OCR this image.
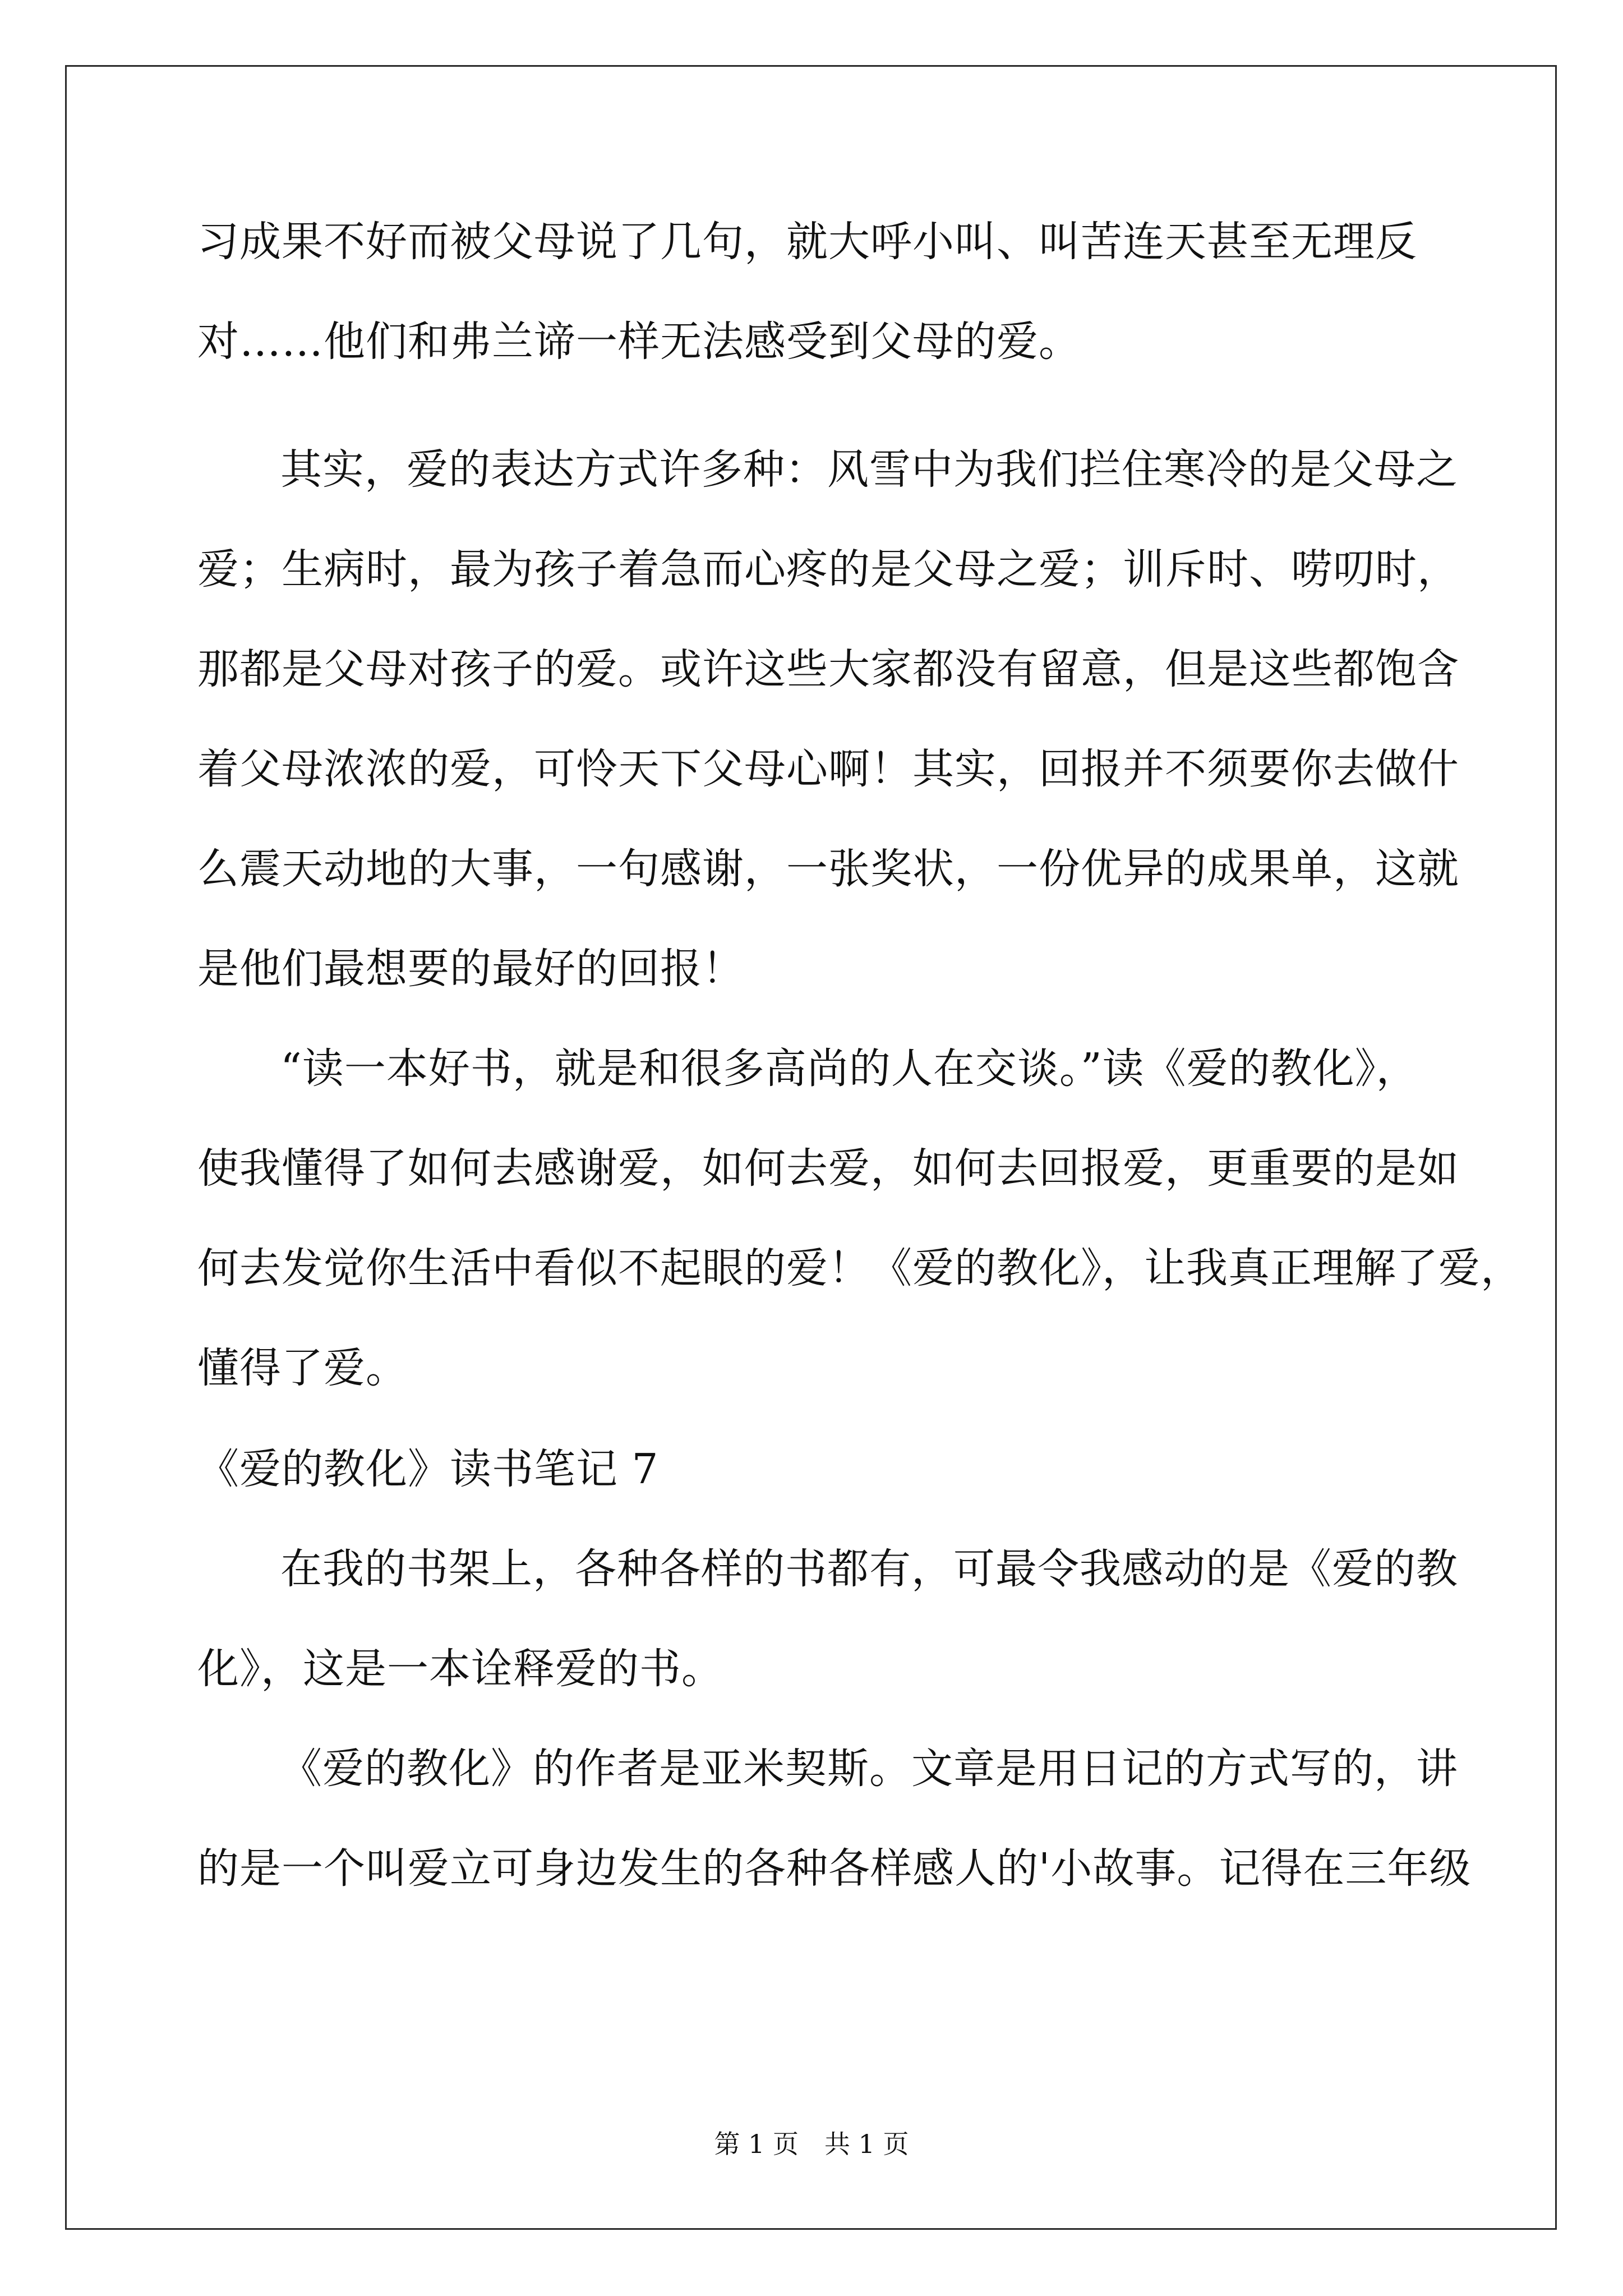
习成果不好而被父母说了几句，就大呼小叫、叫苦连天甚至无理反
对……他们和弗兰谛一样无法感受到父母的爱。
其实，爱的表达方式许多种：风雪中为我们拦住寒冷的是父母之
爱；生病时，最为孩子着急而心疼的是父母之爱；训斥时、唠叨时，
那都是父母对孩子的爱。或许这些大家都没有留意，但是这些都饱含
着父母浓浓的爱，可怜天下父母心啊！其实，回报并不须要你去做什
么震天动地的大事，一句感谢，一张奖状，一份优异的成果单，这就
是他们最想要的最好的回报！
“读一本好书，就是和很多高尚的人在交谈。”读《爱的教化》，
使我懂得了如何去感谢爱，如何去爱，如何去回报爱，更重要的是如
何去发觉你生活中看似不起眼的爱！《爱的教化》，让我真正理解了爱，
懂得了爱。
《爱的教化》读书笔记 7
在我的书架上，各种各样的书都有，可最令我感动的是《爱的教
化》，这是一本诠释爱的书。
《爱的教化》的作者是亚米契斯。文章是用日记的方式写的，讲
的是一个叫爱立可身边发生的各种各样感人的'小故事。记得在三年级
第 1 页　共 1 页
